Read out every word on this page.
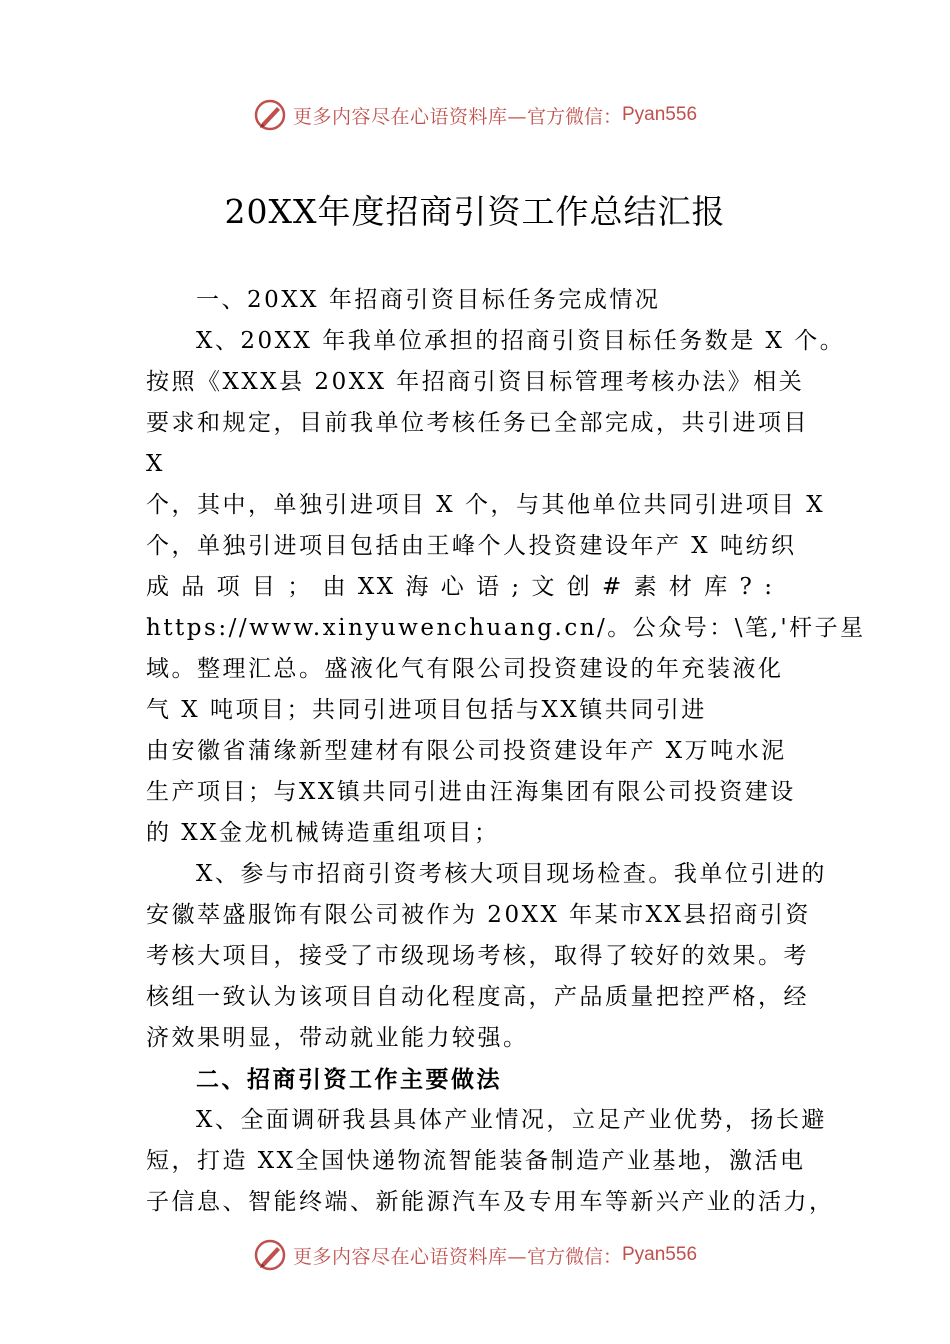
更多内容尽在心语资料库— 官方微信： Pyan556
20XX年度招商引资工作总结汇报
一、20XX 年招商引资目标任务完成情况
X、20XX 年我单位承担的招商引资目标任务数是 X 个。
按照《XXX县 20XX 年招商引资目标管理考核办法》相关
要求和规定，目前我单位考核任务已全部完成，共引进项目
X
个，其中，单独引进项目 X 个，与其他单位共同引进项目 X
个，单独引进项目包括由王峰个人投资建设年产 X 吨纺织
成 品 项 目 ； 由 XX 海 心 语 ; 文 创 # 素 材 库 ? :
https://www.xinyuwenchuang.cn/。公众号：\笔,'杆子星
域。整理汇总。盛液化气有限公司投资建设的年充装液化
气 X 吨项目；共同引进项目包括与XX镇共同引进
由安徽省蒲缘新型建材有限公司投资建设年产 X万吨水泥
生产项目；与XX镇共同引进由汪海集团有限公司投资建设
的 XX金龙机械铸造重组项目；
X、参与市招商引资考核大项目现场检查。我单位引进的
安徽萃盛服饰有限公司被作为 20XX 年某市XX县招商引资
考核大项目，接受了市级现场考核，取得了较好的效果。考
核组一致认为该项目自动化程度高，产品质量把控严格，经
济效果明显，带动就业能力较强。
二、招商引资工作主要做法
X、全面调研我县具体产业情况，立足产业优势，扬长避
短，打造 XX全国快递物流智能装备制造产业基地，激活电
子信息、智能终端、新能源汽车及专用车等新兴产业的活力，
更多内容尽在心语资料库— 官方微信： Pyan556
